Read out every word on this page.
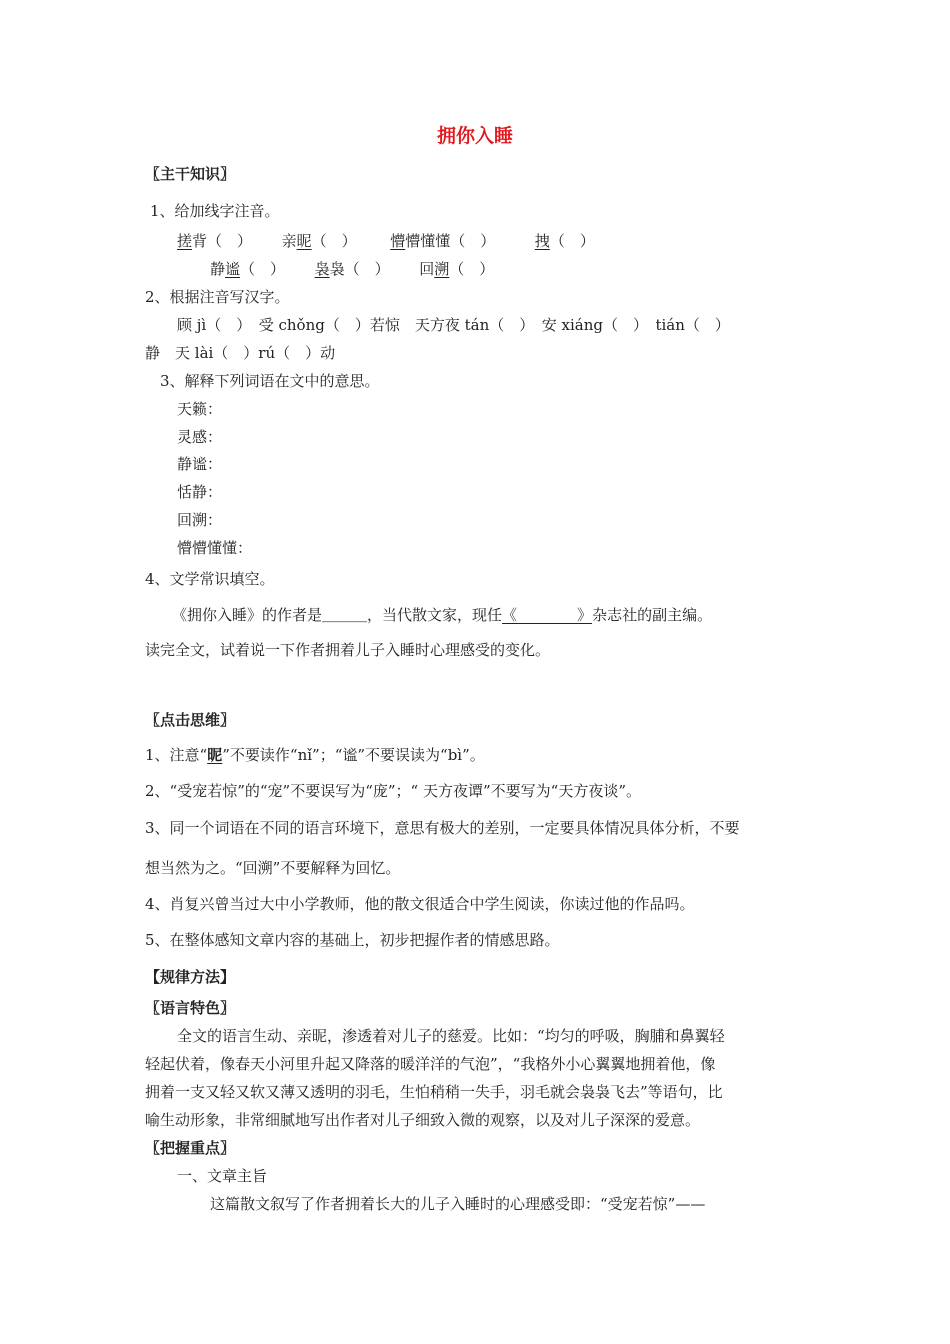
拥你入睡
〖主干知识〗
1、给加线字注音。
搓背（　） 亲昵（　） 懵懵懂懂（　）	拽（　）
静谧（　） 袅袅（　） 回溯（　）
2、根据注音写汉字。
顾 jì（　）　受 chǒng（　）若惊　天方夜 tán（　）　安 xiáng（　）　tián（　）
静　天 lài（　）rú（　）动
3、解释下列词语在文中的意思。
天籁：
灵感：
静谧：
恬静：
回溯：
懵懵懂懂：
4、文学常识填空。
《拥你入睡》的作者是＿＿＿，当代散文家，现任《　　　　》杂志社的副主编。
读完全文，试着说一下作者拥着儿子入睡时心理感受的变化。
〖点击思维〗
1、注意“昵”不要读作“nǐ”；“谧”不要误读为“bì”。
2、“受宠若惊”的“宠”不要误写为“庞”；“ 天方夜谭”不要写为“天方夜谈”。
3、同一个词语在不同的语言环境下，意思有极大的差别，一定要具体情况具体分析，不要
想当然为之。“回溯”不要解释为回忆。
4、肖复兴曾当过大中小学教师，他的散文很适合中学生阅读，你读过他的作品吗。
5、在整体感知文章内容的基础上，初步把握作者的情感思路。
【规律方法】
〖语言特色〗
全文的语言生动、亲昵，渗透着对儿子的慈爱。比如：“均匀的呼吸，胸脯和鼻翼轻
轻起伏着，像春天小河里升起又降落的暖洋洋的气泡”，“我格外小心翼翼地拥着他，像
拥着一支又轻又软又薄又透明的羽毛，生怕稍稍一失手，羽毛就会袅袅飞去”等语句，比
喻生动形象，非常细腻地写出作者对儿子细致入微的观察，以及对儿子深深的爱意。
〖把握重点〗
一、文章主旨
这篇散文叙写了作者拥着长大的儿子入睡时的心理感受即：“受宠若惊”——
